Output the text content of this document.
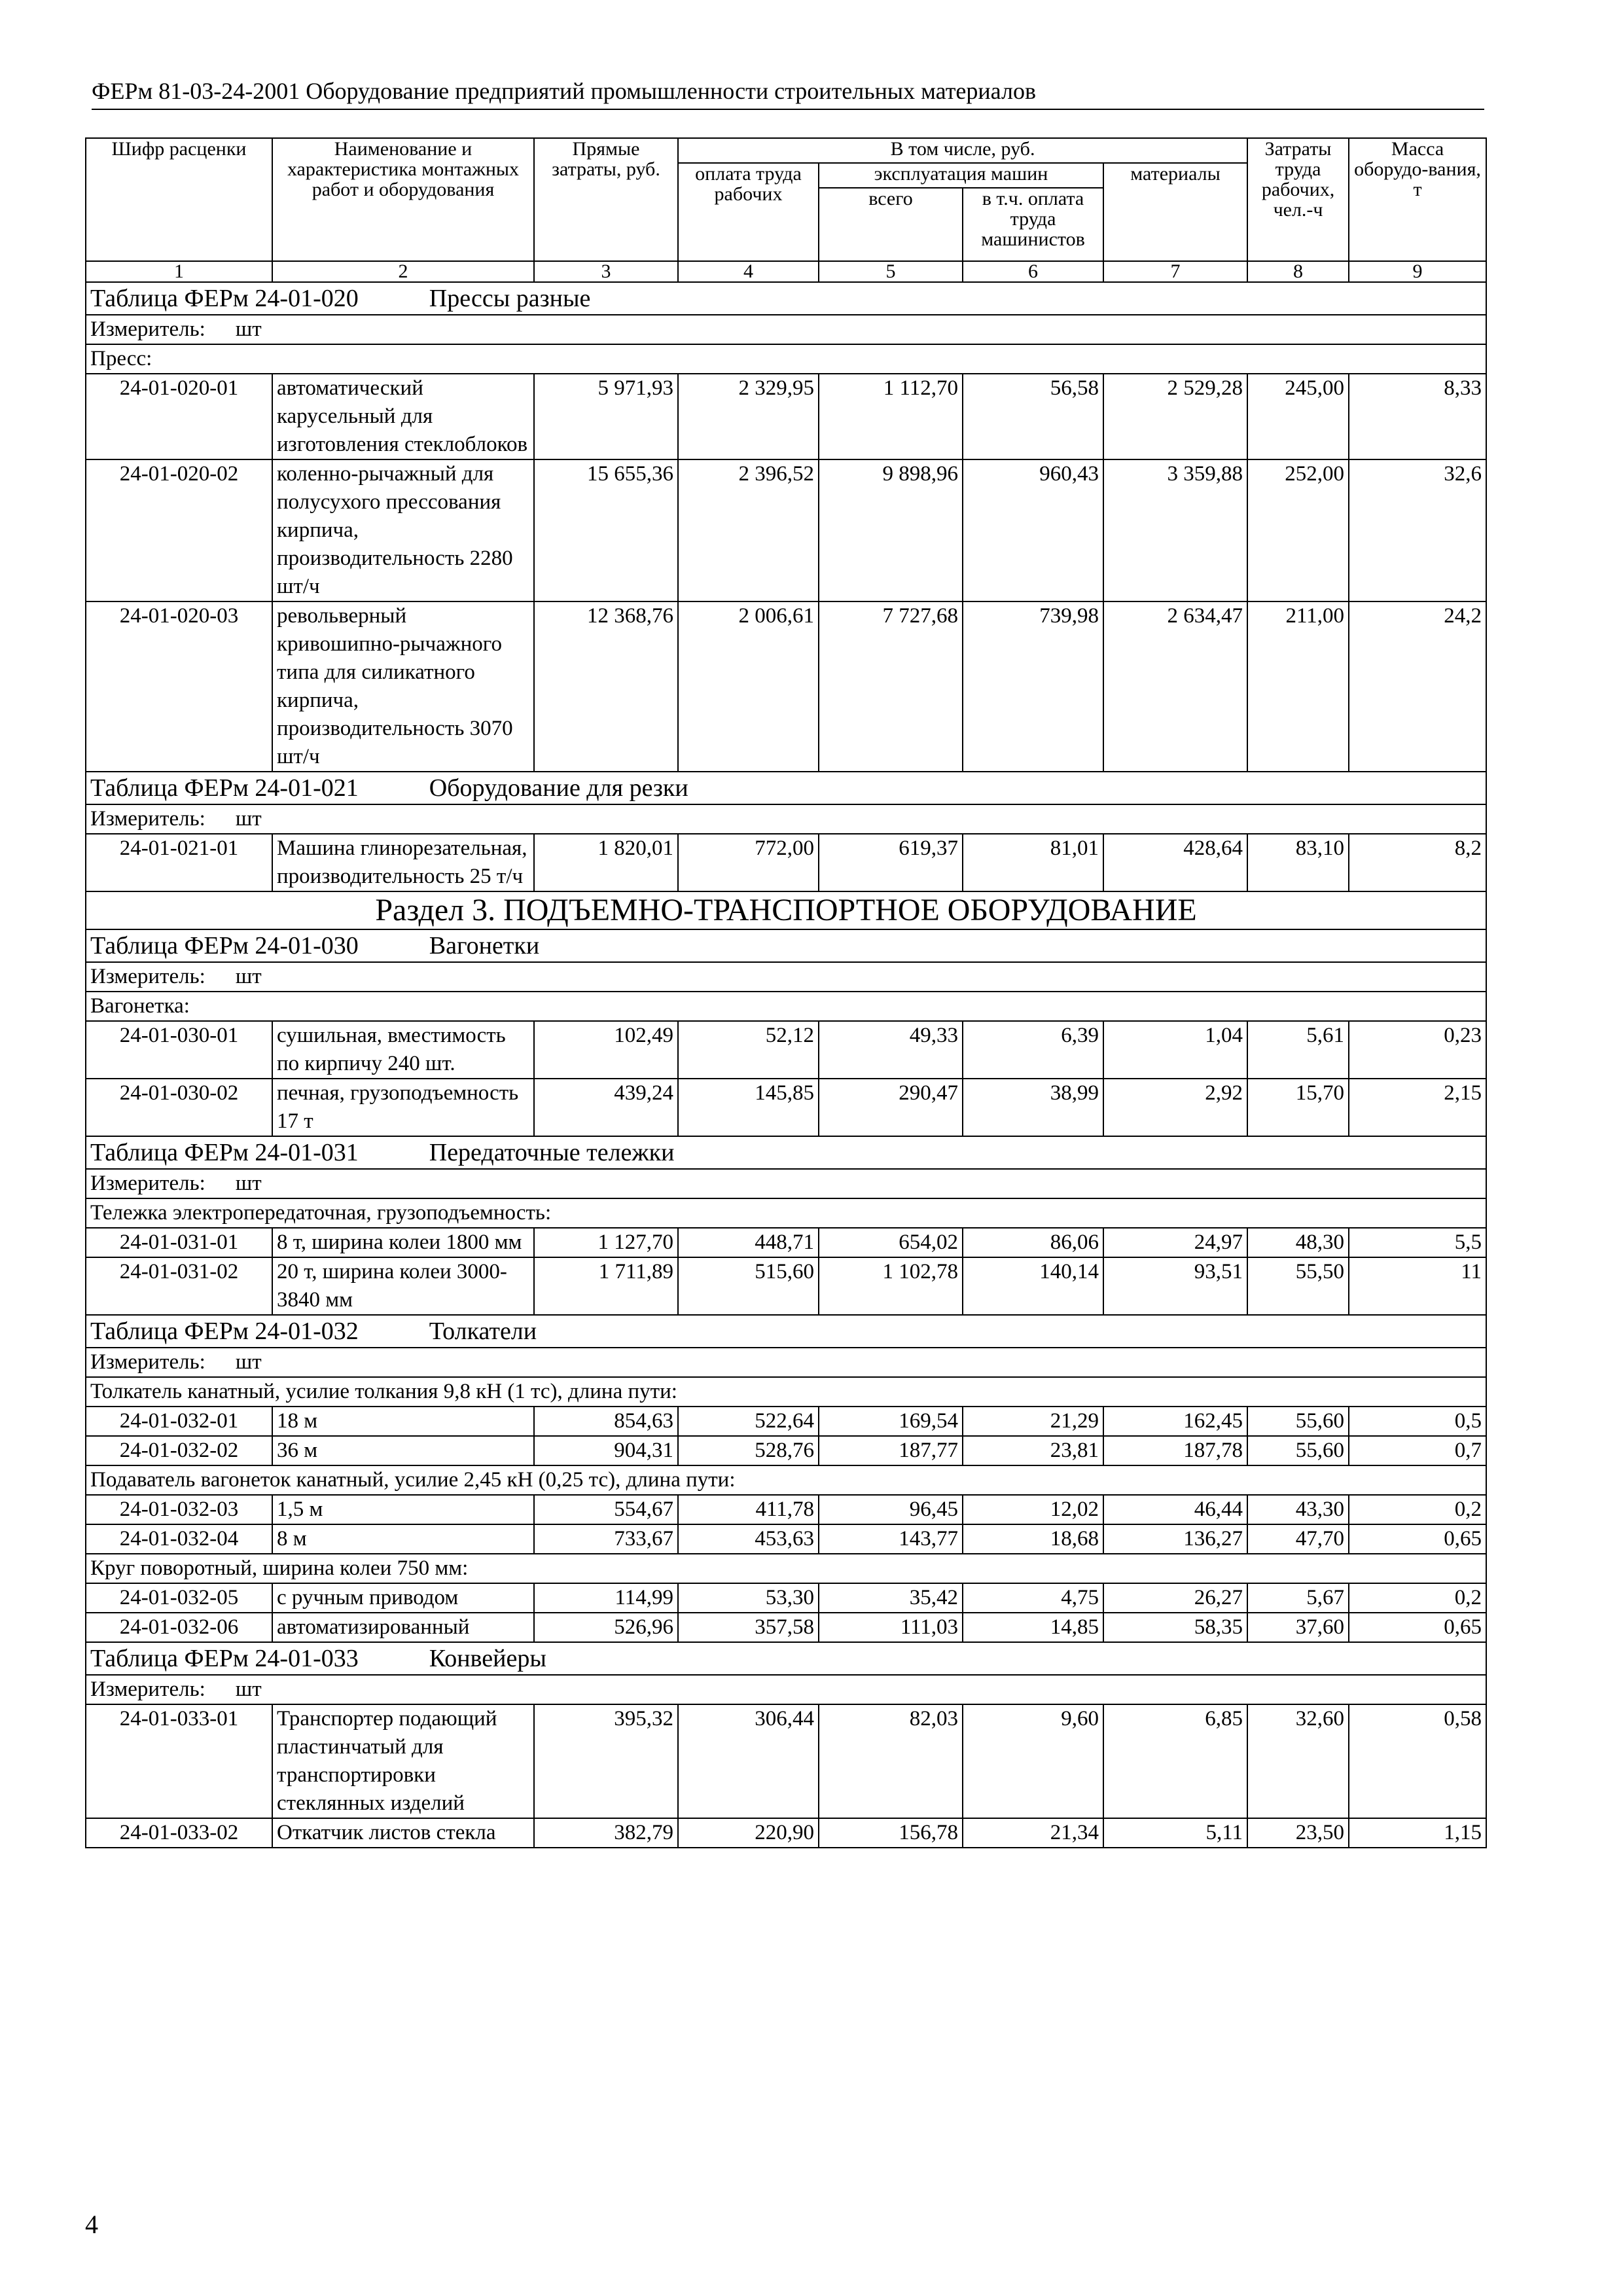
ФЕРм 81-03-24-2001 Оборудование предприятий промышленности строительных материалов
Шифр расценки	Наименование и характеристика монтажных работ и оборудования	Прямые затраты, руб.	В том числе, руб.				Затраты труда рабочих, чел.-ч	Масса оборудо-вания, т
			оплата труда рабочих	эксплуатация машин		материалы		
				всего	в т.ч. оплата труда машинистов			
1	2	3	4	5	6	7	8	9
Таблица ФЕРм 24-01-020 Прессы разные								
Измеритель: шт								
Пресс:								
24-01-020-01	автоматический карусельный для изготовления стеклоблоков	5 971,93	2 329,95	1 112,70	56,58	2 529,28	245,00	8,33
24-01-020-02	коленно-рычажный для полусухого прессования кирпича, производительность 2280 шт/ч	15 655,36	2 396,52	9 898,96	960,43	3 359,88	252,00	32,6
24-01-020-03	револьверный кривошипно-рычажного типа для силикатного кирпича, производительность 3070 шт/ч	12 368,76	2 006,61	7 727,68	739,98	2 634,47	211,00	24,2
Таблица ФЕРм 24-01-021 Оборудование для резки								
Измеритель: шт								
24-01-021-01	Машина глинорезательная, производительность 25 т/ч	1 820,01	772,00	619,37	81,01	428,64	83,10	8,2
Раздел 3. ПОДЪЕМНО-ТРАНСПОРТНОЕ ОБОРУДОВАНИЕ								
Таблица ФЕРм 24-01-030 Вагонетки								
Измеритель: шт								
Вагонетка:								
24-01-030-01	сушильная, вместимость по кирпичу 240 шт.	102,49	52,12	49,33	6,39	1,04	5,61	0,23
24-01-030-02	печная, грузоподъемность 17 т	439,24	145,85	290,47	38,99	2,92	15,70	2,15
Таблица ФЕРм 24-01-031 Передаточные тележки								
Измеритель: шт								
Тележка электропередаточная, грузоподъемность:								
24-01-031-01	8 т, ширина колеи 1800 мм	1 127,70	448,71	654,02	86,06	24,97	48,30	5,5
24-01-031-02	20 т, ширина колеи 3000-3840 мм	1 711,89	515,60	1 102,78	140,14	93,51	55,50	11
Таблица ФЕРм 24-01-032 Толкатели								
Измеритель: шт								
Толкатель канатный, усилие толкания 9,8 кН (1 тс), длина пути:								
24-01-032-01	18 м	854,63	522,64	169,54	21,29	162,45	55,60	0,5
24-01-032-02	36 м	904,31	528,76	187,77	23,81	187,78	55,60	0,7
Подаватель вагонеток канатный, усилие 2,45 кН (0,25 тс), длина пути:								
24-01-032-03	1,5 м	554,67	411,78	96,45	12,02	46,44	43,30	0,2
24-01-032-04	8 м	733,67	453,63	143,77	18,68	136,27	47,70	0,65
Круг поворотный, ширина колеи 750 мм:								
24-01-032-05	с ручным приводом	114,99	53,30	35,42	4,75	26,27	5,67	0,2
24-01-032-06	автоматизированный	526,96	357,58	111,03	14,85	58,35	37,60	0,65
Таблица ФЕРм 24-01-033 Конвейеры								
Измеритель: шт								
24-01-033-01	Транспортер подающий пластинчатый для транспортировки стеклянных изделий	395,32	306,44	82,03	9,60	6,85	32,60	0,58
24-01-033-02	Откатчик листов стекла	382,79	220,90	156,78	21,34	5,11	23,50	1,15
4
